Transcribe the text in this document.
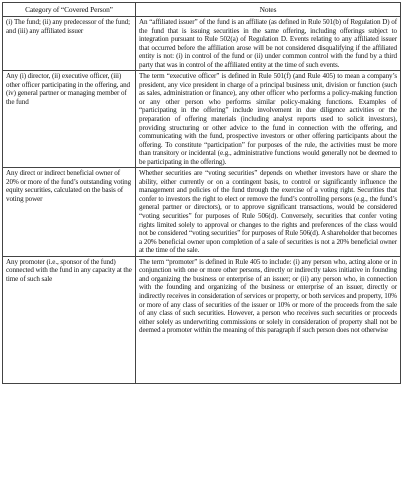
Category of “Covered Person”	Notes
(i) The fund; (ii) any predecessor of the fund; and (iii) any affiliated issuer	An “affiliated issuer” of the fund is an affiliate (as defined in Rule 501(b) of Regulation D) of the fund that is issuing securities in the same offering, including offerings subject to integration pursuant to Rule 502(a) of Regulation D. Events relating to any affiliated issuer that occurred before the affiliation arose will be not considered disqualifying if the affiliated entity is not: (i) in control of the fund or (ii) under common control with the fund by a third party that was in control of the affiliated entity at the time of such events.
Any (i) director, (ii) executive officer, (iii) other officer participating in the offering, and (iv) general partner or managing member of the fund	The term “executive officer” is defined in Rule 501(f) (and Rule 405) to mean a company’s president, any vice president in charge of a principal business unit, division or function (such as sales, administration or finance), any other officer who performs a policy-making function or any other person who performs similar policy-making functions. Examples of “participating in the offering” include involvement in due diligence activities or the preparation of offering materials (including analyst reports used to solicit investors), providing structuring or other advice to the fund in connection with the offering, and communicating with the fund, prospective investors or other offering participants about the offering. To constitute “participation” for purposes of the rule, the activities must be more than transitory or incidental (e.g., administrative functions would generally not be deemed to be participating in the offering).
Any direct or indirect beneficial owner of 20% or more of the fund’s outstanding voting equity securities, calculated on the basis of voting power	Whether securities are “voting securities” depends on whether investors have or share the ability, either currently or on a contingent basis, to control or significantly influence the management and policies of the fund through the exercise of a voting right. Securities that confer to investors the right to elect or remove the fund’s controlling persons (e.g., the fund’s general partner or directors), or to approve significant transactions, would be considered “voting securities” for purposes of Rule 506(d). Conversely, securities that confer voting rights limited solely to approval or changes to the rights and preferences of the class would not be considered “voting securities” for purposes of Rule 506(d). A shareholder that becomes a 20% beneficial owner upon completion of a sale of securities is not a 20% beneficial owner at the time of the sale.
Any promoter (i.e., sponsor of the fund) connected with the fund in any capacity at the time of such sale	The term “promoter” is defined in Rule 405 to include: (i) any person who, acting alone or in conjunction with one or more other persons, directly or indirectly takes initiative in founding and organizing the business or enterprise of an issuer; or (ii) any person who, in connection with the founding and organizing of the business or enterprise of an issuer, directly or indirectly receives in consideration of services or property, or both services and property, 10% or more of any class of securities of the issuer or 10% or more of the proceeds from the sale of any class of such securities. However, a person who receives such securities or proceeds either solely as underwriting commissions or solely in consideration of property shall not be deemed a promoter within the meaning of this paragraph if such person does not otherwise
